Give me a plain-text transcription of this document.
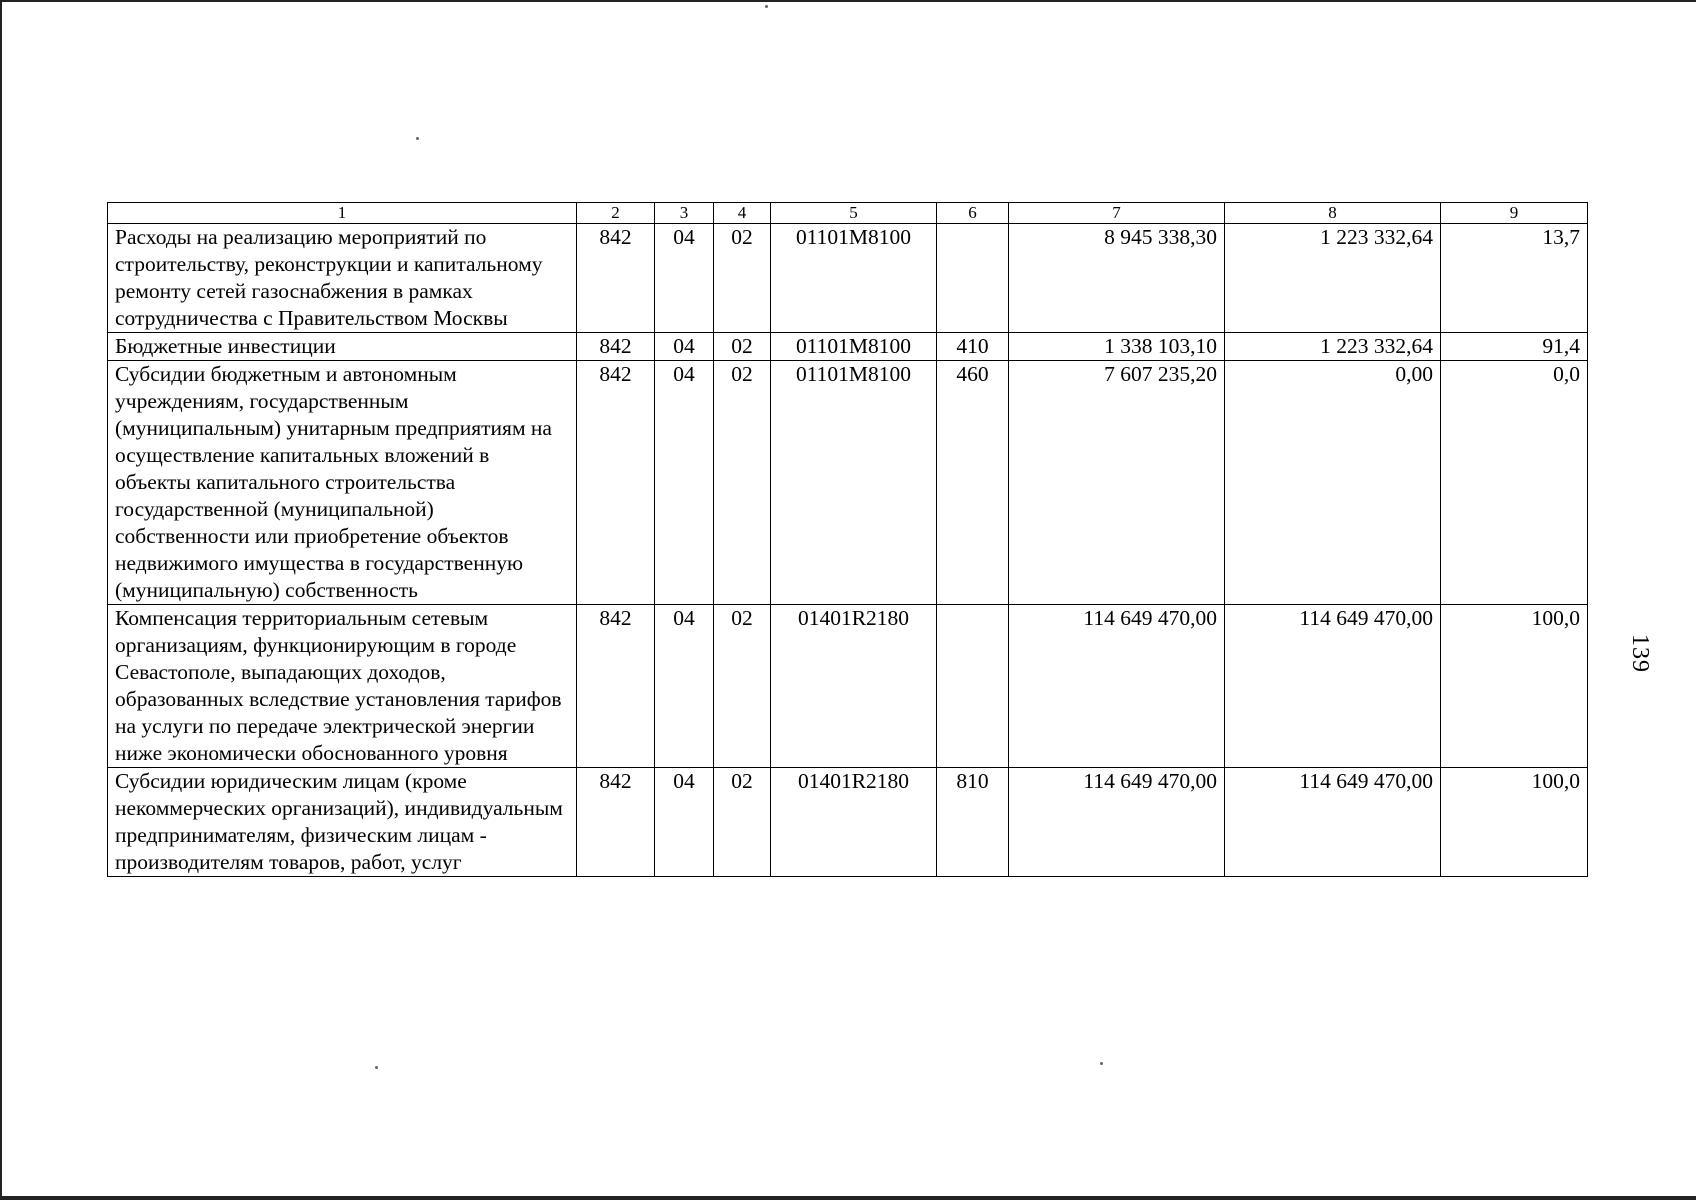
1	2	3	4	5	6	7	8	9
Расходы на реализацию мероприятий по строительству, реконструкции и капитальному ремонту сетей газоснабжения в рамках сотрудничества с Правительством Москвы	842	04	02	01101M8100		8 945 338,30	1 223 332,64	13,7
Бюджетные инвестиции	842	04	02	01101M8100	410	1 338 103,10	1 223 332,64	91,4
Субсидии бюджетным и автономным учреждениям, государственным (муниципальным) унитарным предприятиям на осуществление капитальных вложений в объекты капитального строительства государственной (муниципальной) собственности или приобретение объектов недвижимого имущества в государственную (муниципальную) собственность	842	04	02	01101M8100	460	7 607 235,20	0,00	0,0
Компенсация территориальным сетевым организациям, функционирующим в городе Севастополе, выпадающих доходов, образованных вследствие установления тарифов на услуги по передаче электрической энергии ниже экономически обоснованного уровня	842	04	02	01401R2180		114 649 470,00	114 649 470,00	100,0
Субсидии юридическим лицам (кроме некоммерческих организаций), индивидуальным предпринимателям, физическим лицам - производителям товаров, работ, услуг	842	04	02	01401R2180	810	114 649 470,00	114 649 470,00	100,0
139
